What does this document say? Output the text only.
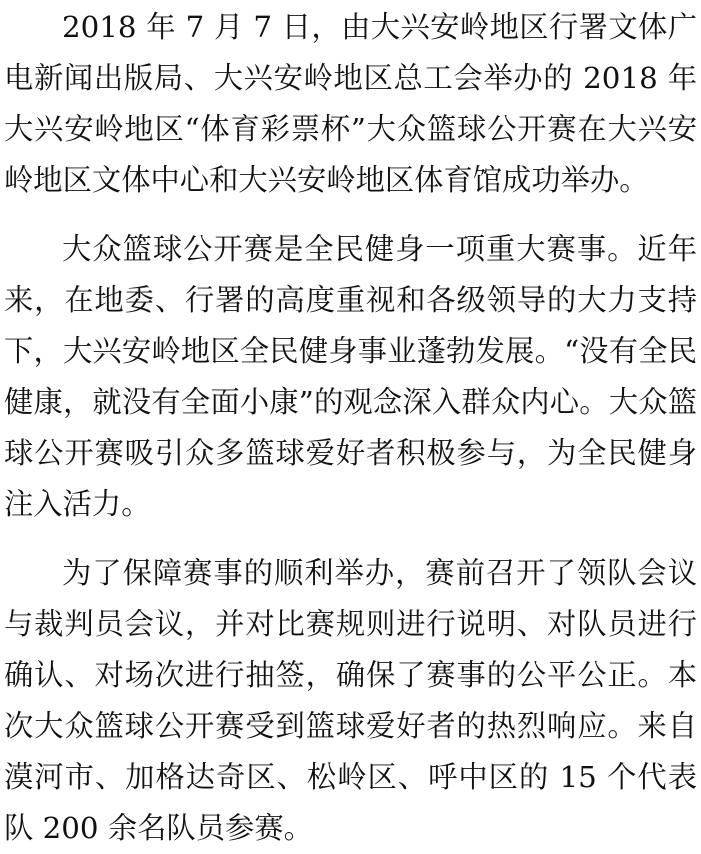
2018 年 7 月 7 日，由大兴安岭地区行署文体广电新闻出版局、大兴安岭地区总工会举办的 2018 年大兴安岭地区“体育彩票杯”大众篮球公开赛在大兴安岭地区文体中心和大兴安岭地区体育馆成功举办。

大众篮球公开赛是全民健身一项重大赛事。近年来，在地委、行署的高度重视和各级领导的大力支持下，大兴安岭地区全民健身事业蓬勃发展。“没有全民健康，就没有全面小康”的观念深入群众内心。大众篮球公开赛吸引众多篮球爱好者积极参与，为全民健身注入活力。

为了保障赛事的顺利举办，赛前召开了领队会议与裁判员会议，并对比赛规则进行说明、对队员进行确认、对场次进行抽签，确保了赛事的公平公正。本次大众篮球公开赛受到篮球爱好者的热烈响应。来自漠河市、加格达奇区、松岭区、呼中区的 15 个代表队 200 余名队员参赛。
